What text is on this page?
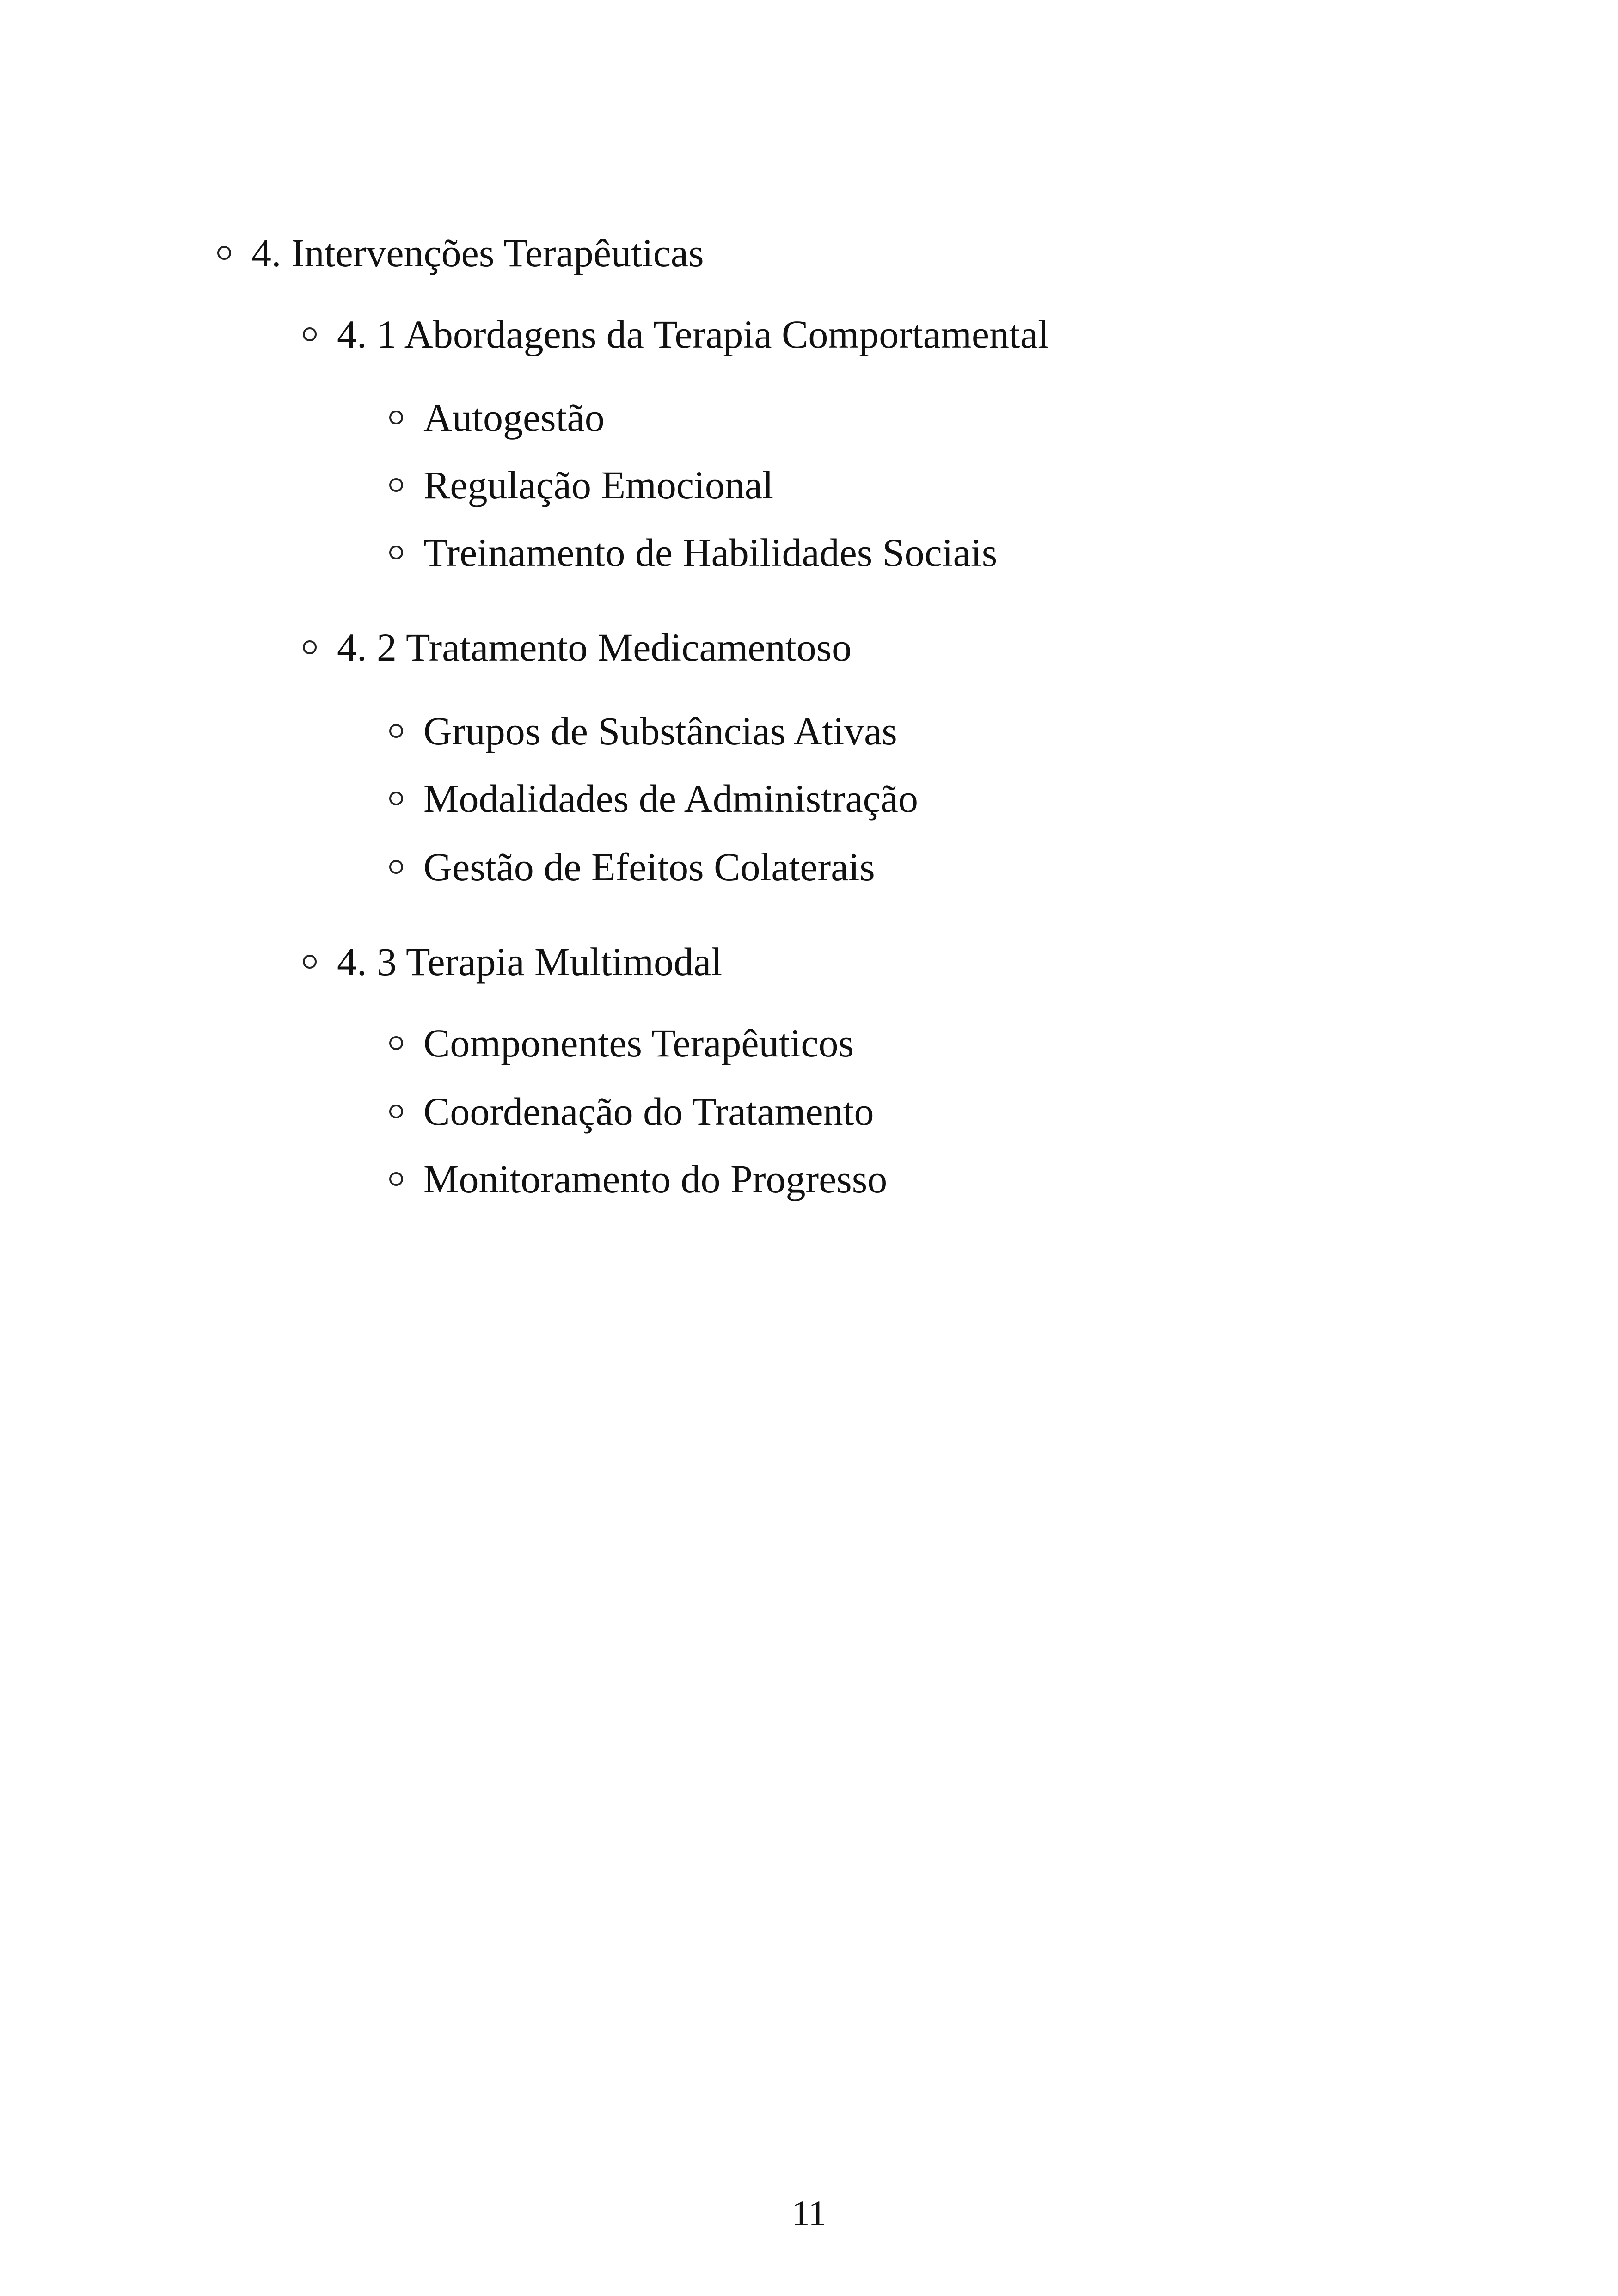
4. Intervenções Terapêuticas
4. 1 Abordagens da Terapia Comportamental
Autogestão
Regulação Emocional
Treinamento de Habilidades Sociais
4. 2 Tratamento Medicamentoso
Grupos de Substâncias Ativas
Modalidades de Administração
Gestão de Efeitos Colaterais
4. 3 Terapia Multimodal
Componentes Terapêuticos
Coordenação do Tratamento
Monitoramento do Progresso
11
